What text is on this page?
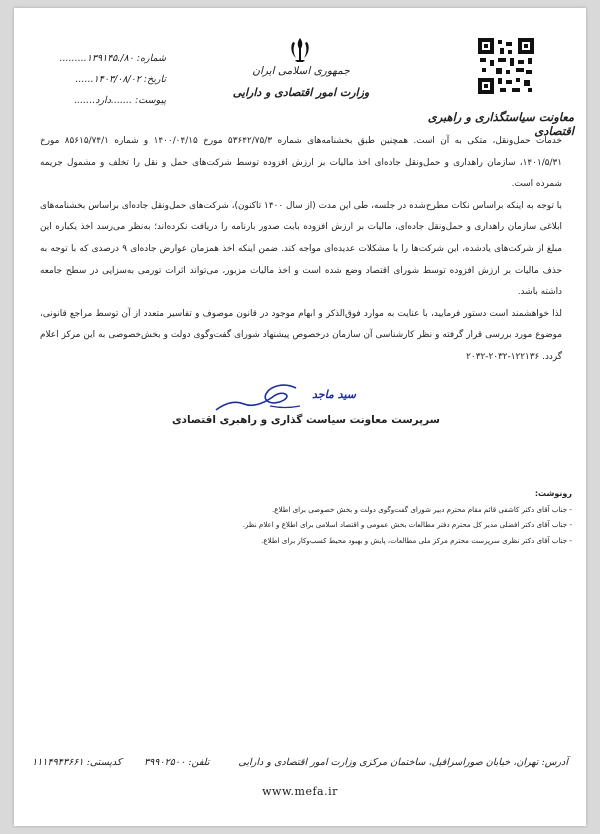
شماره: ۸۰/.۱۳۹۱۴۵.........
تاریخ: ۱۴۰۳/۰۸/۰۲......
پیوست: .......دارد.......
جمهوری اسلامی ایران
وزارت امور اقتصادی و دارایی
معاونت سیاستگذاری و راهبری اقتصادی

خدمات حمل‌ونقل، متکی به آن است. همچنین طبق بخشنامه‌های شماره ۵۳۶۴۲/۷۵/۳ مورخ ۱۴۰۰/۰۴/۱۵ و شماره ۸۵۶۱۵/۷۴/۱ مورخ ۱۴۰۱/۵/۳۱، سازمان راهداری و حمل‌ونقل جاده‌ای اخذ مالیات بر ارزش افزوده توسط شرکت‌های حمل و نقل را تخلف و مشمول جریمه شمرده است.

با توجه به اینکه براساس نکات مطرح‌شده در جلسه، طی این مدت (از سال ۱۴۰۰ تاکنون)، شرکت‌های حمل‌ونقل جاده‌ای براساس بخشنامه‌های ابلاغی سازمان راهداری و حمل‌ونقل جاده‌ای، مالیات بر ارزش افزوده بابت صدور بارنامه را دریافت نکرده‌اند؛ به‌نظر می‌رسد اخذ یکباره این مبلغ از شرکت‌های یادشده، این شرکت‌ها را با مشکلات عدیده‌ای مواجه کند. ضمن اینکه اخذ همزمان عوارض جاده‌ای ۹ درصدی که با توجه به حذف مالیات بر ارزش افزوده توسط شورای اقتصاد وضع شده است و اخذ مالیات مزبور، می‌تواند اثرات تورمی به‌سزایی در سطح جامعه داشته باشد.

لذا خواهشمند است دستور فرمایید، با عنایت به موارد فوق‌الذکر و ابهام موجود در قانون موصوف و تفاسیر متعدد از آن توسط مراجع قانونی، موضوع مورد بررسی قرار گرفته و نظر کارشناسی آن سازمان درخصوص پیشنهاد شورای گفت‌وگوی دولت و بخش‌خصوصی به این مرکز اعلام گردد. ۱۲۲۱۳۶-۲۰۳۲-۲۰۳۲

سید ماجد
سرپرست معاونت سیاست گذاری و راهبری اقتصادی
رونوشت:
- جناب آقای دکتر کاشفی قائم مقام محترم دبیر شورای گفت‌وگوی دولت و بخش خصوصی برای اطلاع.
- جناب آقای دکتر افضلی مدیر کل محترم دفتر مطالعات بخش عمومی و اقتصاد اسلامی برای اطلاع و اعلام نظر.
- جناب آقای دکتر نظری سرپرست محترم مرکز ملی مطالعات، پایش و بهبود محیط کسب‌وکار برای اطلاع.
آدرس: تهران، خیابان صوراسرافیل، ساختمان مرکزی وزارت امور اقتصادی و دارایی
تلفن: ۳۹۹۰۲۵۰۰
کدپستی: ۱۱۱۴۹۴۳۶۶۱
www.mefa.ir
